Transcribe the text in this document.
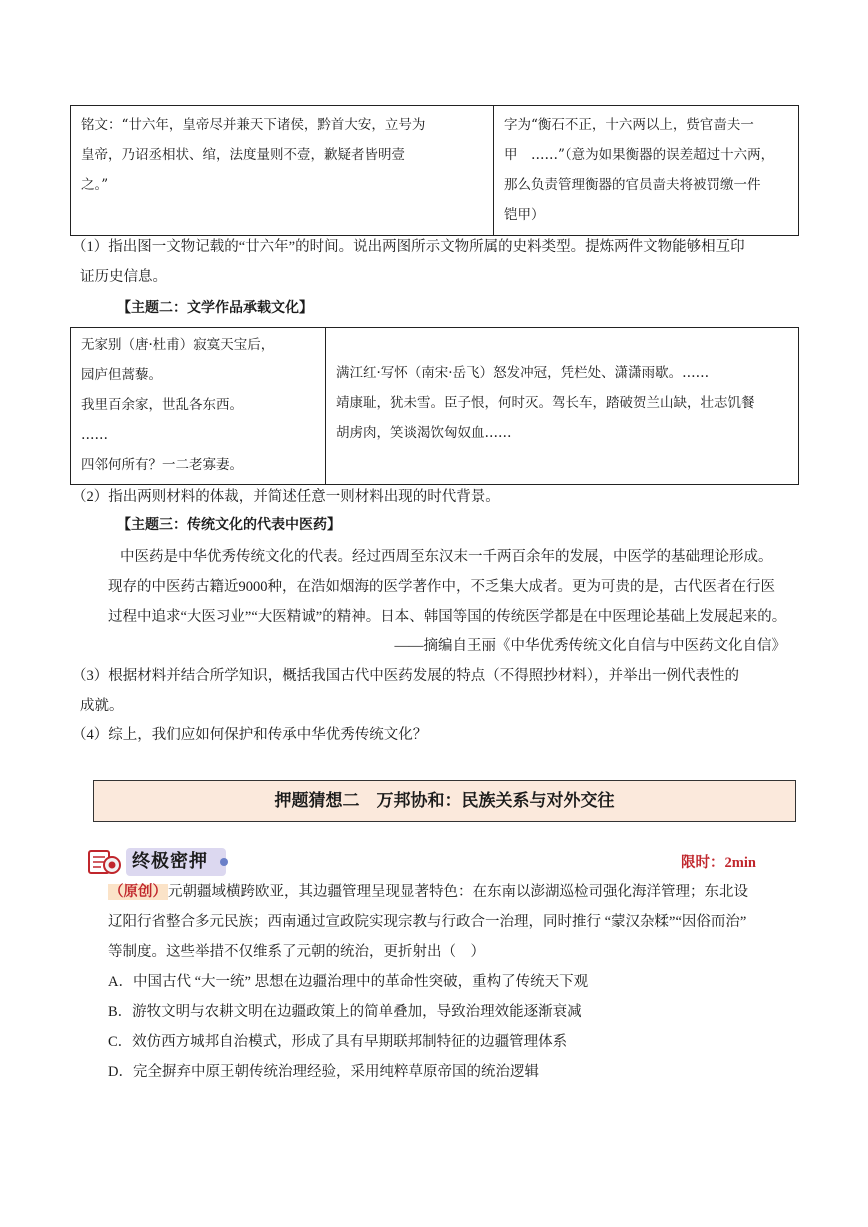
铭文：“廿六年，皇帝尽并兼天下诸侯，黔首大安，立号为
皇帝，乃诏丞相状、绾，法度量则不壹，歉疑者皆明壹
之。”

字为“衡石不正，十六两以上，赀官啬夫一
甲　……”（意为如果衡器的误差超过十六两，
那么负责管理衡器的官员啬夫将被罚缴一件
铠甲）
（1）指出图一文物记载的“廿六年”的时间。说出两图所示文物所属的史料类型。提炼两件文物能够相互印
证历史信息。
【主题二：文学作品承载文化】
无家别（唐·杜甫）寂寞天宝后，
园庐但蒿藜。
我里百余家，世乱各东西。
……
四邻何所有？一二老寡妻。

满江红·写怀（南宋·岳飞）怒发冲冠，凭栏处、潇潇雨歇。……
靖康耻，犹未雪。臣子恨，何时灭。驾长车，踏破贺兰山缺，壮志饥餐
胡虏肉，笑谈渴饮匈奴血……
（2）指出两则材料的体裁，并简述任意一则材料出现的时代背景。
【主题三：传统文化的代表中医药】
中医药是中华优秀传统文化的代表。经过西周至东汉末一千两百余年的发展，中医学的基础理论形成。
现存的中医药古籍近9000种，在浩如烟海的医学著作中，不乏集大成者。更为可贵的是，古代医者在行医
过程中追求“大医习业”“大医精诚”的精神。日本、韩国等国的传统医学都是在中医理论基础上发展起来的。
——摘编自王丽《中华优秀传统文化自信与中医药文化自信》
（3）根据材料并结合所学知识，概括我国古代中医药发展的特点（不得照抄材料），并举出一例代表性的
成就。
（4）综上，我们应如何保护和传承中华优秀传统文化？
押题猜想二　万邦协和：民族关系与对外交往
终极密押	限时：2min
（原创）元朝疆域横跨欧亚，其边疆管理呈现显著特色：在东南以澎湖巡检司强化海洋管理；东北设
辽阳行省整合多元民族；西南通过宣政院实现宗教与行政合一治理，同时推行 “蒙汉杂糅”“因俗而治”
等制度。这些举措不仅维系了元朝的统治，更折射出（　）
A．中国古代 “大一统” 思想在边疆治理中的革命性突破，重构了传统天下观
B．游牧文明与农耕文明在边疆政策上的简单叠加，导致治理效能逐渐衰减
C．效仿西方城邦自治模式，形成了具有早期联邦制特征的边疆管理体系
D．完全摒弃中原王朝传统治理经验，采用纯粹草原帝国的统治逻辑
